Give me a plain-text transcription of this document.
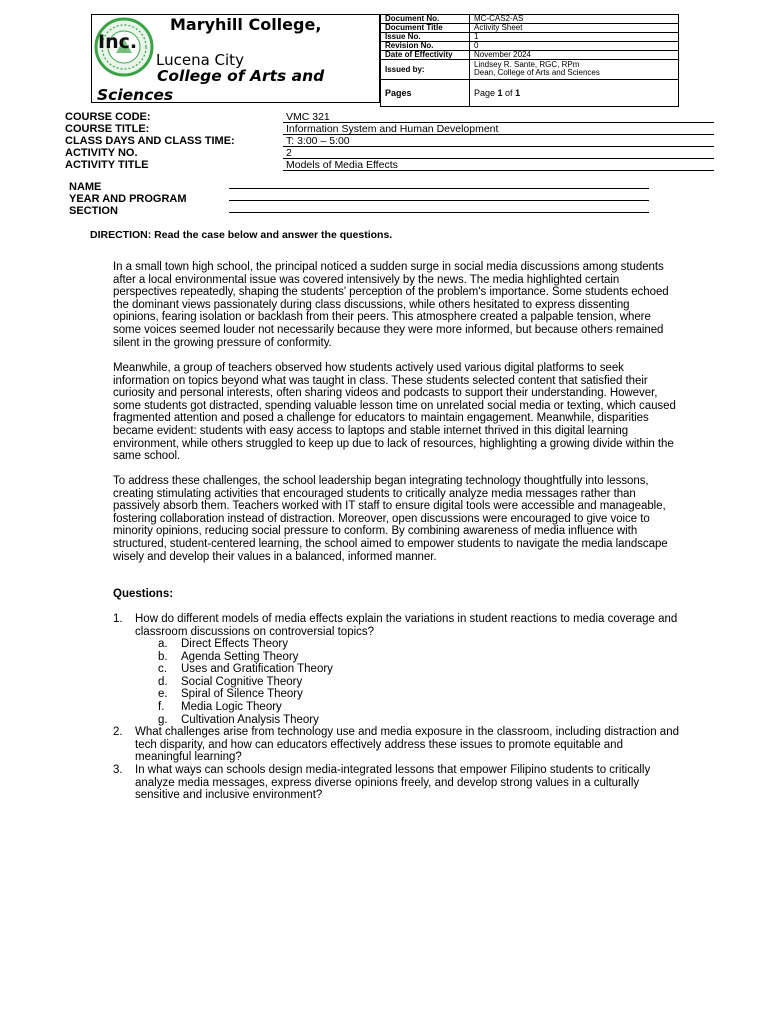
Inc.
Maryhill College,
Lucena City
College of Arts and Sciences
Document No.	MC-CAS2-AS
Document Title	Activity Sheet
Issue No.	1
Revision No.	0
Date of Effectivity	November 2024
Issued by:	Lindsey R. Sante, RGC, RPm
Dean, College of Arts and Sciences

Pages	Page 1 of 1
COURSE CODE:	VMC 321
COURSE TITLE:	Information System and Human Development
CLASS DAYS AND CLASS TIME:	T: 3:00 – 5:00
ACTIVITY NO.	2
ACTIVITY TITLE	Models of Media Effects
NAME
YEAR AND PROGRAM
SECTION
DIRECTION: Read the case below and answer the questions.

In a small town high school, the principal noticed a sudden surge in social media discussions among students after a local environmental issue was covered intensively by the news. The media highlighted certain perspectives repeatedly, shaping the students' perception of the problem's importance. Some students echoed the dominant views passionately during class discussions, while others hesitated to express dissenting opinions, fearing isolation or backlash from their peers. This atmosphere created a palpable tension, where some voices seemed louder not necessarily because they were more informed, but because others remained silent in the growing pressure of conformity.

Meanwhile, a group of teachers observed how students actively used various digital platforms to seek information on topics beyond what was taught in class. These students selected content that satisfied their curiosity and personal interests, often sharing videos and podcasts to support their understanding. However, some students got distracted, spending valuable lesson time on unrelated social media or texting, which caused fragmented attention and posed a challenge for educators to maintain engagement. Meanwhile, disparities became evident: students with easy access to laptops and stable internet thrived in this digital learning environment, while others struggled to keep up due to lack of resources, highlighting a growing divide within the same school.

To address these challenges, the school leadership began integrating technology thoughtfully into lessons, creating stimulating activities that encouraged students to critically analyze media messages rather than passively absorb them. Teachers worked with IT staff to ensure digital tools were accessible and manageable, fostering collaboration instead of distraction. Moreover, open discussions were encouraged to give voice to minority opinions, reducing social pressure to conform. By combining awareness of media influence with structured, student-centered learning, the school aimed to empower students to navigate the media landscape wisely and develop their values in a balanced, informed manner.

Questions:
1. How do different models of media effects explain the variations in student reactions to media coverage and classroom discussions on controversial topics?
a. Direct Effects Theory
b. Agenda Setting Theory
c. Uses and Gratification Theory
d. Social Cognitive Theory
e. Spiral of Silence Theory
f. Media Logic Theory
g. Cultivation Analysis Theory
2. What challenges arise from technology use and media exposure in the classroom, including distraction and tech disparity, and how can educators effectively address these issues to promote equitable and meaningful learning?
3. In what ways can schools design media-integrated lessons that empower Filipino students to critically analyze media messages, express diverse opinions freely, and develop strong values in a culturally sensitive and inclusive environment?
